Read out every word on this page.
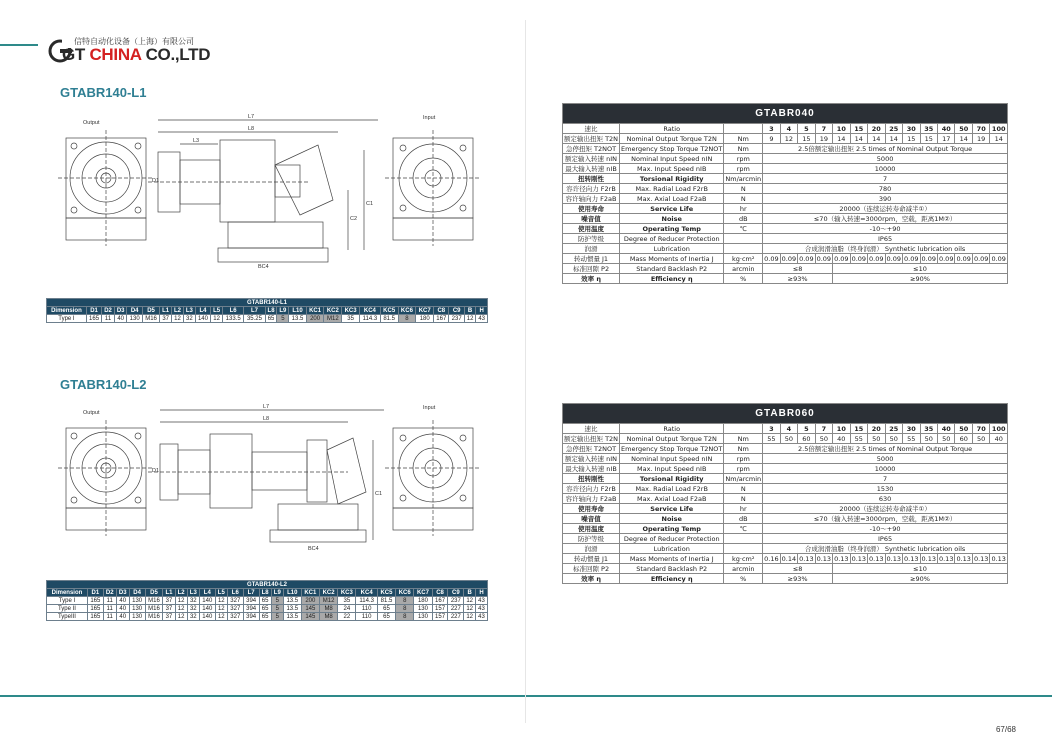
信特自动化设备（上海）有限公司
GT CHINA CO.,LTD
GTABR140-L1
Output
Input
L7
L8
L3
C1
C2
D1
BC4
GTABR140-L1																										
Dimension	D1	D2	D3	D4	D5	L1	L2	L3	L4	L5	L6	L7	L8	L9	L10	KC1	KC2	KC3	KC4	KC5	KC6	KC7	C8	C9	B	H
Type I	165	11	40	130	M16	37	12	32	140	12	133.5	35.25	65	5	13.5	200	M12	35	114.3	81.5	8	180	167	237	12	43
GTABR140-L2
Output
Input
L7
L8
C1
D1
BC4
GTABR140-L2																										
Dimension	D1	D2	D3	D4	D5	L1	L2	L3	L4	L5	L6	L7	L8	L9	L10	KC1	KC2	KC3	KC4	KC5	KC6	KC7	C8	C9	B	H
Type I	165	11	40	130	M16	37	12	32	140	12	327	394	65	5	13.5	200	M12	35	114.3	81.5	8	180	167	237	12	43
Type II	165	11	40	130	M16	37	12	32	140	12	327	394	65	5	13.5	145	M8	24	110	65	8	130	157	227	12	43
TypeIII	165	11	40	130	M16	37	12	32	140	12	327	394	65	5	13.5	145	M8	22	110	65	8	130	157	227	12	43
GTABR040																
速比	Ratio		3	4	5	7	10	15	20	25	30	35	40	50	70	100
额定输出扭矩 T2N	Nominal Output Torque T2N	Nm	9	12	15	19	14	14	14	14	15	15	17	14	19	14
急停扭矩 T2NOT	Emergency Stop Torque T2NOT	Nm	2.5倍额定输出扭矩 2.5 times of Nominal Output Torque													
额定输入转速 nIN	Nominal Input Speed nIN	rpm	5000													
最大输入转速 nIB	Max. Input Speed nIB	rpm	10000													
扭转刚性	Torsional Rigidity	Nm/arcmin	7													
容许径向力 F2rB	Max. Radial Load F2rB	N	780													
容许轴向力 F2aB	Max. Axial Load F2aB	N	390													
使用寿命	Service Life	hr	20000（连续运转寿命减半①）													
噪音值	Noise	dB	≤70（输入转速=3000rpm，空载，距离1M②）													
使用温度	Operating Temp	℃	-10～+90													
防护等级	Degree of Reducer Protection		IP65													
润滑	Lubrication		合成润滑油脂（终身润滑） Synthetic lubrication oils													
转动惯量 J1	Mass Moments of Inertia J	kg·cm²	0.09	0.09	0.09	0.09	0.09	0.09	0.09	0.09	0.09	0.09	0.09	0.09	0.09	0.09
标准回隙 P2	Standard Backlash P2	arcmin	≤8				≤10									
效率 η	Efficiency η	%	≥93%				≥90%									
GTABR060																
速比	Ratio		3	4	5	7	10	15	20	25	30	35	40	50	70	100
额定输出扭矩 T2N	Nominal Output Torque T2N	Nm	55	50	60	50	40	55	50	50	55	50	50	60	50	40
急停扭矩 T2NOT	Emergency Stop Torque T2NOT	Nm	2.5倍额定输出扭矩 2.5 times of Nominal Output Torque													
额定输入转速 nIN	Nominal Input Speed nIN	rpm	5000													
最大输入转速 nIB	Max. Input Speed nIB	rpm	10000													
扭转刚性	Torsional Rigidity	Nm/arcmin	7													
容许径向力 F2rB	Max. Radial Load F2rB	N	1530													
容许轴向力 F2aB	Max. Axial Load F2aB	N	630													
使用寿命	Service Life	hr	20000（连续运转寿命减半①）													
噪音值	Noise	dB	≤70（输入转速=3000rpm，空载，距离1M②）													
使用温度	Operating Temp	℃	-10～+90													
防护等级	Degree of Reducer Protection		IP65													
润滑	Lubrication		合成润滑油脂（终身润滑） Synthetic lubrication oils													
转动惯量 J1	Mass Moments of Inertia J	kg·cm²	0.16	0.14	0.13	0.13	0.13	0.13	0.13	0.13	0.13	0.13	0.13	0.13	0.13	0.13
标准回隙 P2	Standard Backlash P2	arcmin	≤8				≤10									
效率 η	Efficiency η	%	≥93%				≥90%									
67/68
